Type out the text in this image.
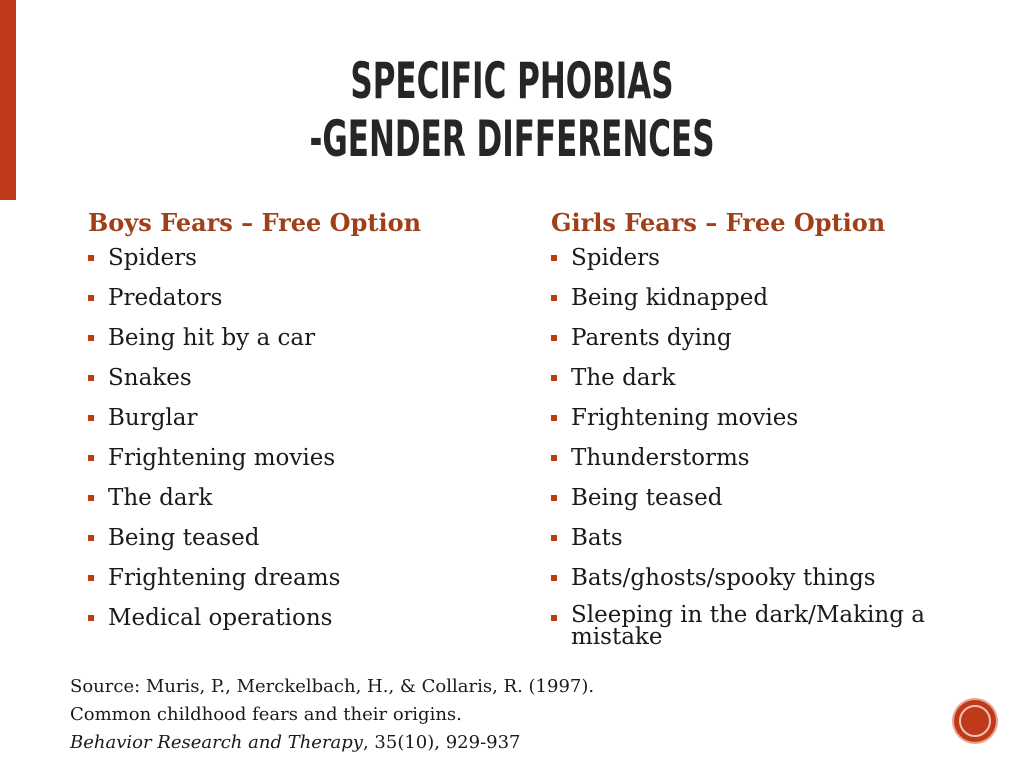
SPECIFIC PHOBIAS
-GENDER DIFFERENCES
Boys Fears – Free Option
Spiders
Predators
Being hit by a car
Snakes
Burglar
Frightening movies
The dark
Being teased
Frightening dreams
Medical operations
Girls Fears – Free Option
Spiders
Being kidnapped
Parents dying
The dark
Frightening movies
Thunderstorms
Being teased
Bats
Bats/ghosts/spooky things
Sleeping in the dark/Making a mistake
Source: Muris, P., Merckelbach, H., & Collaris, R. (1997).
Common childhood fears and their origins.
Behavior Research and Therapy, 35(10), 929-937
